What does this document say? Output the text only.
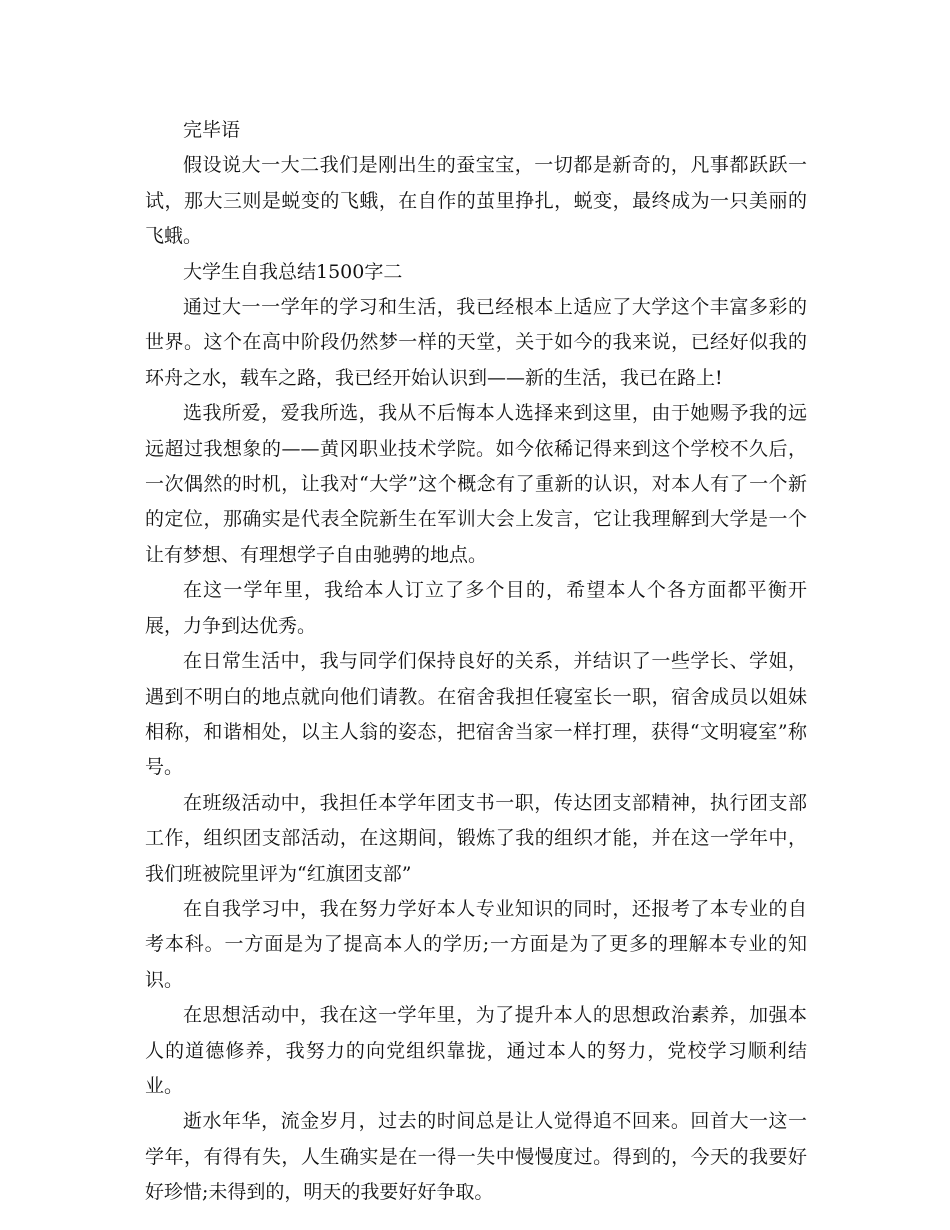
完毕语

假设说大一大二我们是刚出生的蚕宝宝，一切都是新奇的，凡事都跃跃一试，那大三则是蜕变的飞蛾，在自作的茧里挣扎，蜕变，最终成为一只美丽的飞蛾。

大学生自我总结1500字二

通过大一一学年的学习和生活，我已经根本上适应了大学这个丰富多彩的世界。这个在高中阶段仍然梦一样的天堂，关于如今的我来说，已经好似我的环舟之水，载车之路，我已经开始认识到——新的生活，我已在路上!

选我所爱，爱我所选，我从不后悔本人选择来到这里，由于她赐予我的远远超过我想象的——黄冈职业技术学院。如今依稀记得来到这个学校不久后，一次偶然的时机，让我对“大学”这个概念有了重新的认识，对本人有了一个新的定位，那确实是代表全院新生在军训大会上发言，它让我理解到大学是一个让有梦想、有理想学子自由驰骋的地点。

在这一学年里，我给本人订立了多个目的，希望本人个各方面都平衡开展，力争到达优秀。

在日常生活中，我与同学们保持良好的关系，并结识了一些学长、学姐，遇到不明白的地点就向他们请教。在宿舍我担任寝室长一职，宿舍成员以姐妹相称，和谐相处，以主人翁的姿态，把宿舍当家一样打理，获得“文明寝室”称号。

在班级活动中，我担任本学年团支书一职，传达团支部精神，执行团支部工作，组织团支部活动，在这期间，锻炼了我的组织才能，并在这一学年中，我们班被院里评为“红旗团支部”

在自我学习中，我在努力学好本人专业知识的同时，还报考了本专业的自考本科。一方面是为了提高本人的学历;一方面是为了更多的理解本专业的知识。

在思想活动中，我在这一学年里，为了提升本人的思想政治素养，加强本人的道德修养，我努力的向党组织靠拢，通过本人的努力，党校学习顺利结业。

逝水年华，流金岁月，过去的时间总是让人觉得追不回来。回首大一这一学年，有得有失，人生确实是在一得一失中慢慢度过。得到的，今天的我要好好珍惜;未得到的，明天的我要好好争取。
